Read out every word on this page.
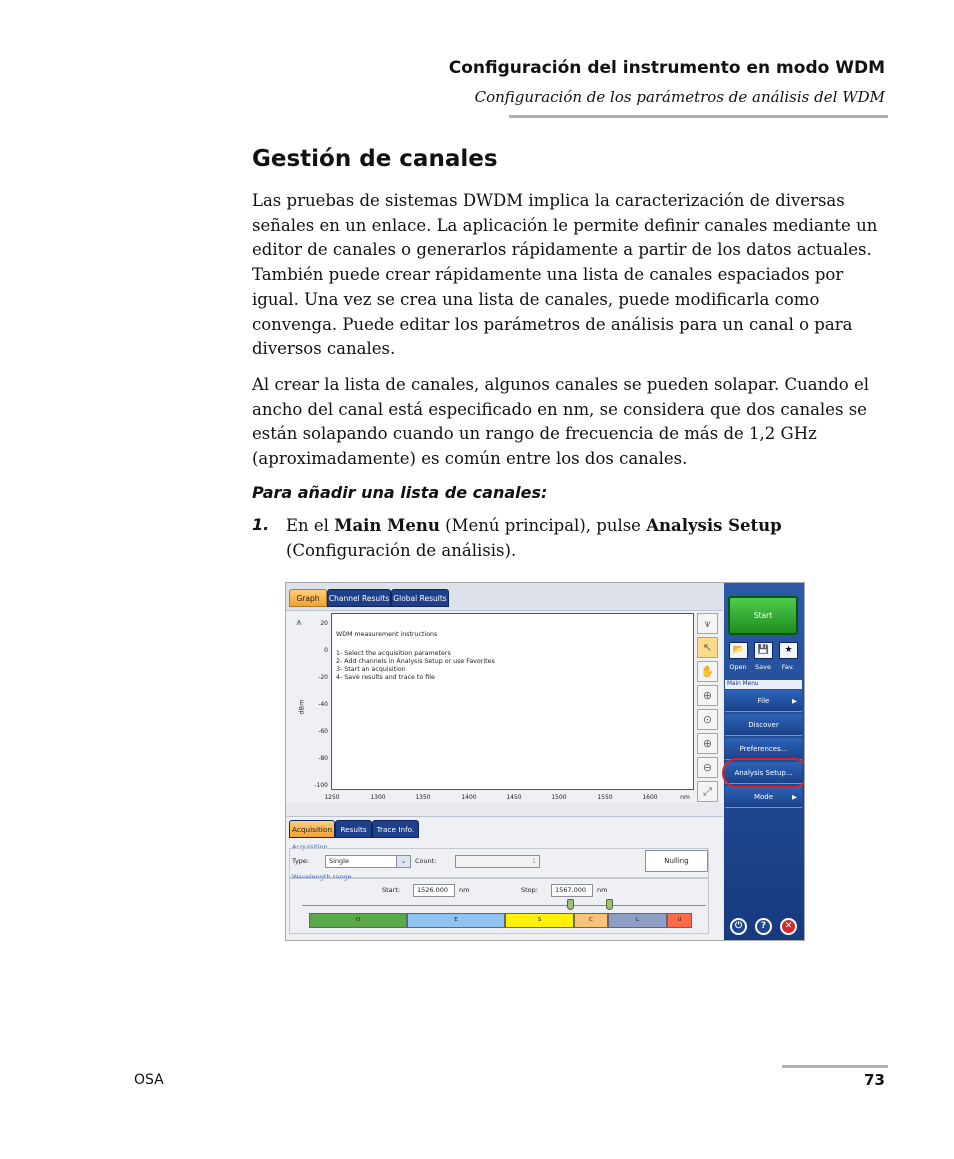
Configuración del instrumento en modo WDM
Configuración de los parámetros de análisis del WDM
Gestión de canales

Las pruebas de sistemas DWDM implica la caracterización de diversas señales en un enlace. La aplicación le permite definir canales mediante un editor de canales o generarlos rápidamente a partir de los datos actuales. También puede crear rápidamente una lista de canales espaciados por igual. Una vez se crea una lista de canales, puede modificarla como convenga. Puede editar los parámetros de análisis para un canal o para diversos canales.

Al crear la lista de canales, algunos canales se pueden solapar. Cuando el ancho del canal está especificado en nm, se considera que dos canales se están solapando cuando un rango de frecuencia de más de 1,2 GHz (aproximadamente) es común entre los dos canales.

Para añadir una lista de canales:
1. En el Main Menu (Menú principal), pulse Analysis Setup (Configuración de análisis).

Graph	Channel Results Global Results
⩚
dBm
20
0
-20
-40
-60
-80
-100
WDM measurement instructions
1- Select the acquisition parameters
2- Add channels in Analysis Setup or use Favorites
3- Start an acquisition
4- Save results and trace to file
1250	1300	1350	1400	1450	1500	1550	1600	nm
⩛
↖
✋
⊕
⊙
⊕
⊖
⤢
Acquisition	Results	Trace Info.
Acquisition
Type:	Single	⌄	Count:	1	Nulling
Wavelength range
Start:	1526.000	nm	Stop:	1567.000	nm
O	E	S	C	L	U
Start
📂	💾	★
Open	Save	Fav.
Main Menu
File	▶
Discover
Preferences...
Analysis Setup...
Mode	▶
⏻	?	✕
OSA	73
